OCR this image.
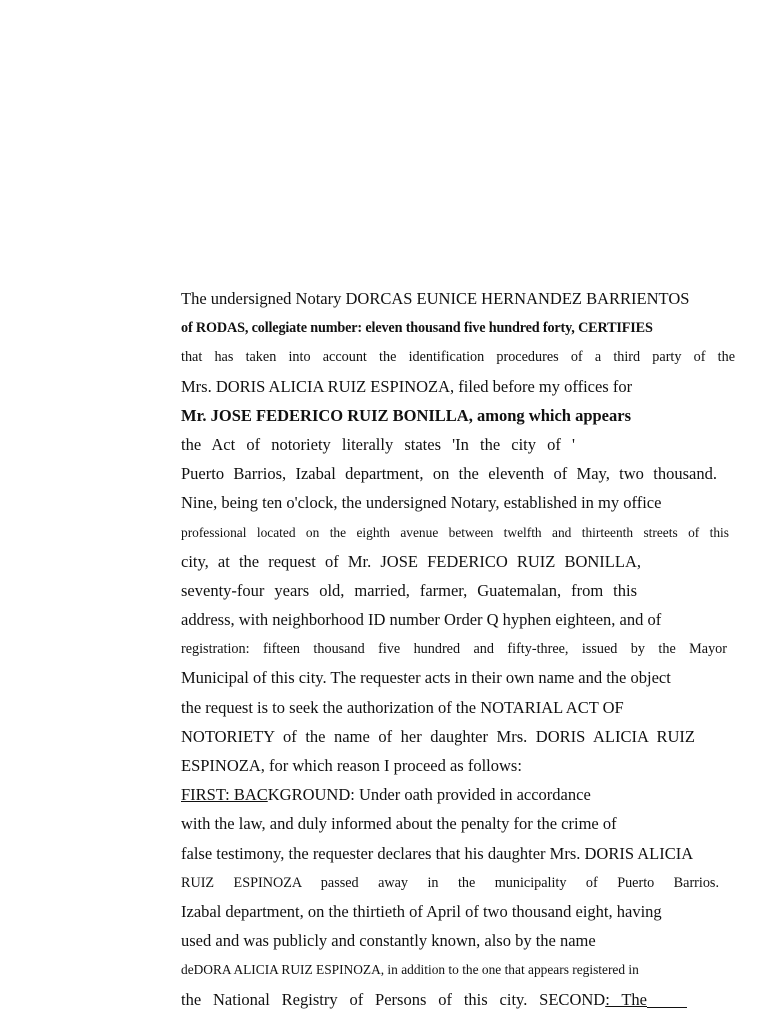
The undersigned Notary DORCAS EUNICE HERNANDEZ BARRIENTOS
of RODAS, collegiate number: eleven thousand five hundred forty, CERTIFIES
that has taken into account the identification procedures of a third party of the
Mrs. DORIS ALICIA RUIZ ESPINOZA, filed before my offices for
Mr. JOSE FEDERICO RUIZ BONILLA, among which appears
the Act of notoriety literally states 'In the city of '
Puerto Barrios, Izabal department, on the eleventh of May, two thousand.
Nine, being ten o'clock, the undersigned Notary, established in my office
professional located on the eighth avenue between twelfth and thirteenth streets of this
city, at the request of Mr. JOSE FEDERICO RUIZ BONILLA,
seventy-four years old, married, farmer, Guatemalan, from this
address, with neighborhood ID number Order Q hyphen eighteen, and of
registration: fifteen thousand five hundred and fifty-three, issued by the Mayor
Municipal of this city. The requester acts in their own name and the object
the request is to seek the authorization of the NOTARIAL ACT OF
NOTORIETY of the name of her daughter Mrs. DORIS ALICIA RUIZ
ESPINOZA, for which reason I proceed as follows:
FIRST: BACKGROUND: Under oath provided in accordance
with the law, and duly informed about the penalty for the crime of
false testimony, the requester declares that his daughter Mrs. DORIS ALICIA
RUIZ ESPINOZA passed away in the municipality of Puerto Barrios.
Izabal department, on the thirtieth of April of two thousand eight, having
used and was publicly and constantly known, also by the name
deDORA ALICIA RUIZ ESPINOZA, in addition to the one that appears registered in
the National Registry of Persons of this city. SECOND: The
